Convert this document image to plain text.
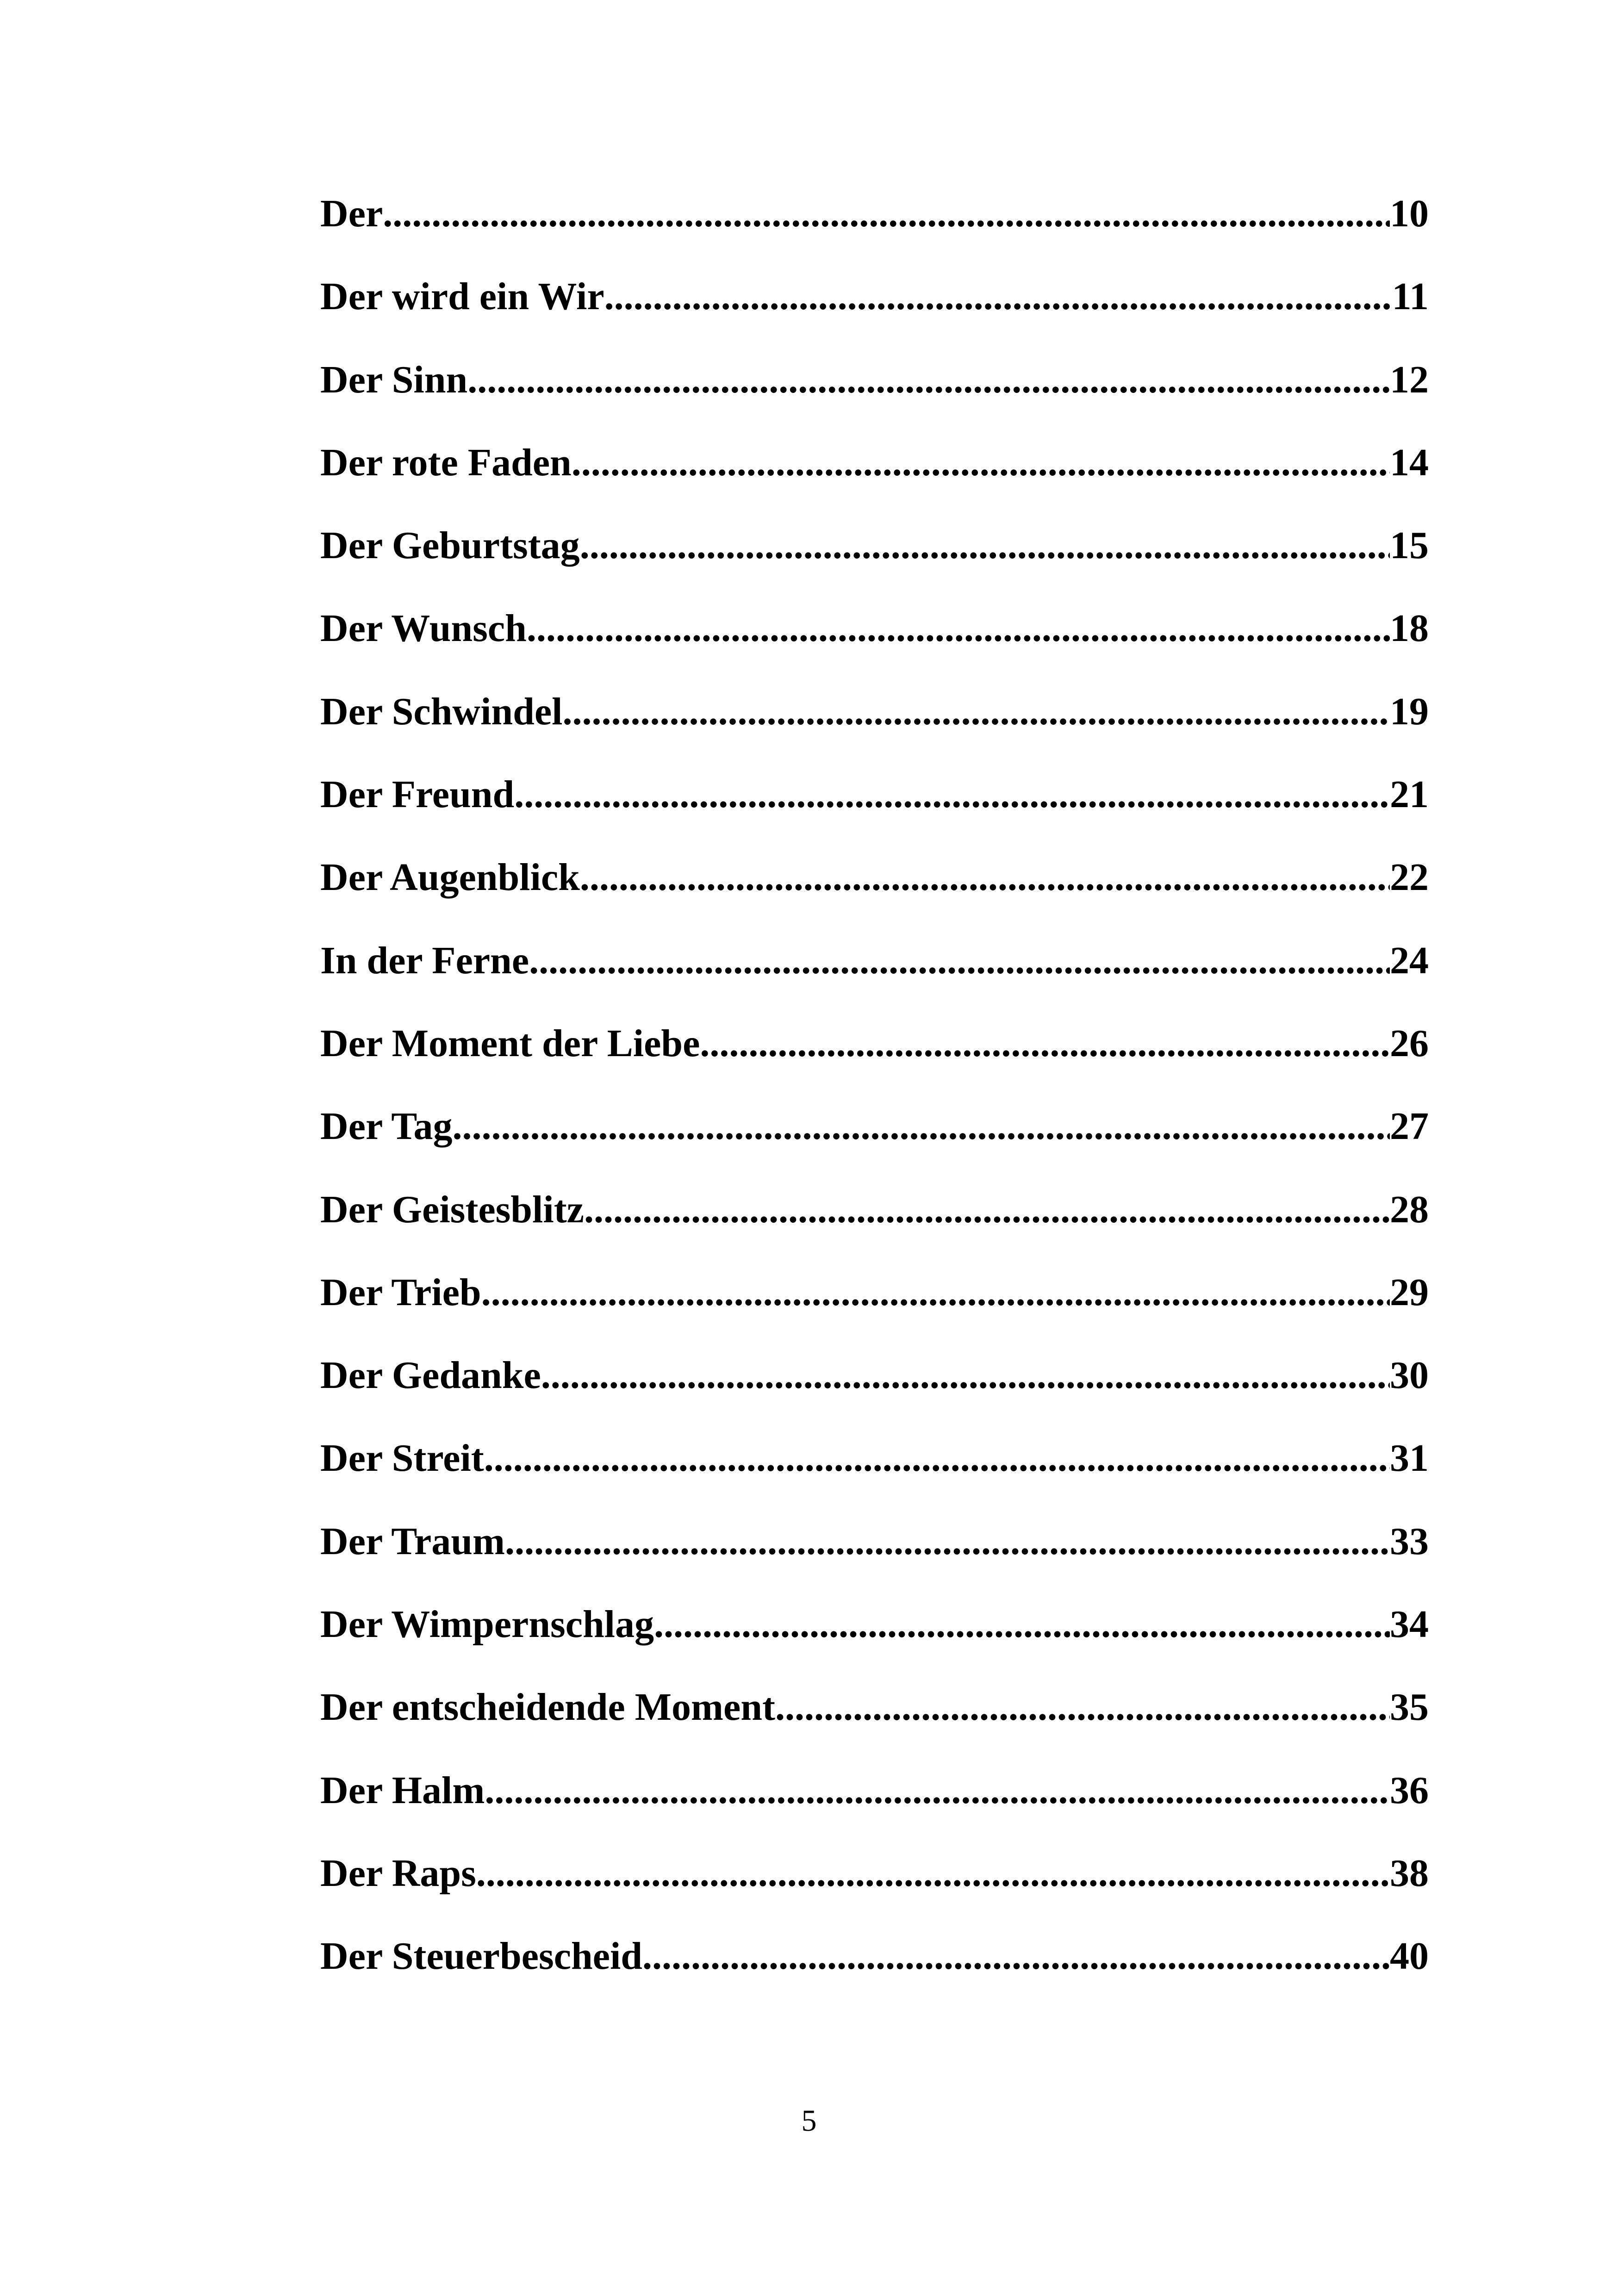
Der .....	10
Der wird ein Wir .....	11
Der Sinn .....	12
Der rote Faden .....	14
Der Geburtstag .....	15
Der Wunsch .....	18
Der Schwindel .....	19
Der Freund .....	21
Der Augenblick .....	22
In der Ferne .....	24
Der Moment der Liebe .....	26
Der Tag .....	27
Der Geistesblitz .....	28
Der Trieb .....	29
Der Gedanke .....	30
Der Streit .....	31
Der Traum .....	33
Der Wimpernschlag .....	34
Der entscheidende Moment .....	35
Der Halm .....	36
Der Raps .....	38
Der Steuerbescheid .....	40
5
